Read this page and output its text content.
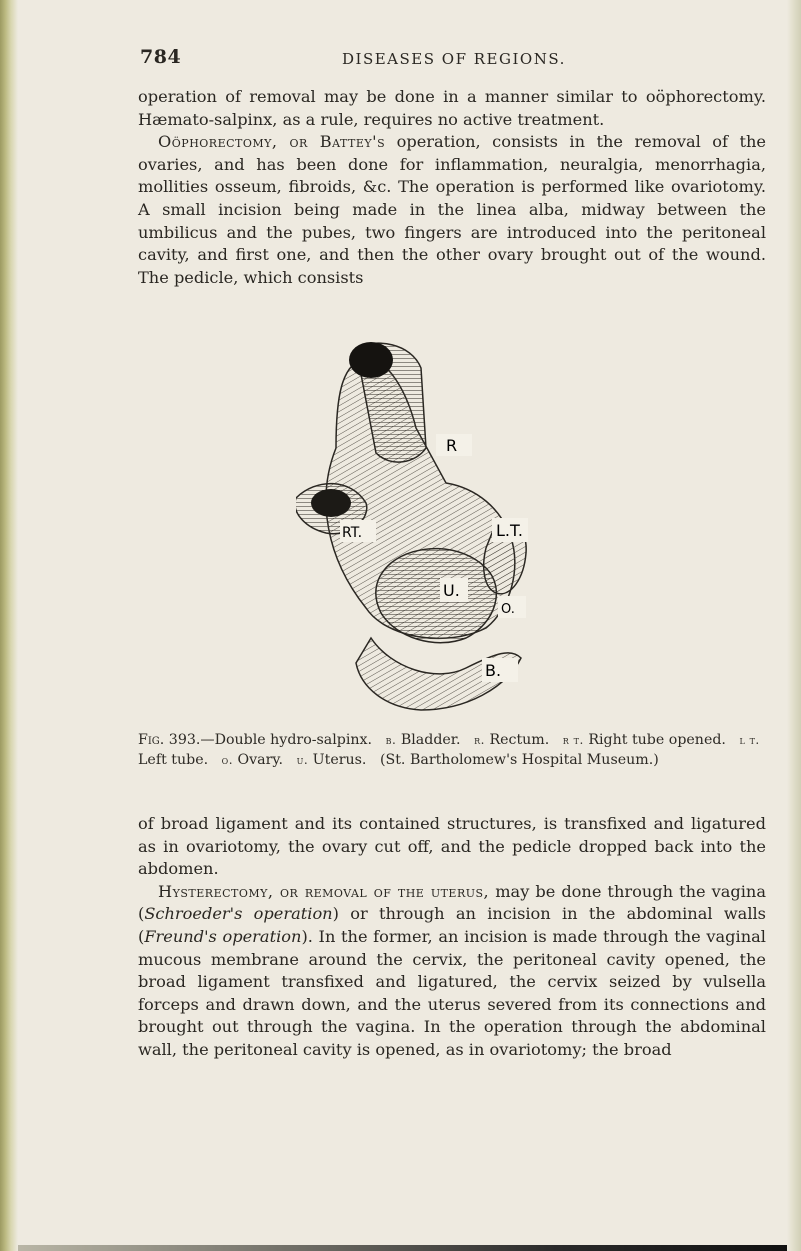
784	DISEASES OF REGIONS.

operation of removal may be done in a manner similar to oöphorectomy. Hæmato-salpinx, as a rule, requires no active treatment.

Oöphorectomy, or Battey's operation, consists in the removal of the ovaries, and has been done for inflammation, neuralgia, menorrhagia, mollities osseum, fibroids, &c. The operation is performed like ovariotomy. A small incision being made in the linea alba, midway between the umbilicus and the pubes, two fingers are introduced into the peritoneal cavity, and first one, and then the other ovary brought out of the wound. The pedicle, which consists

R
RT.	L.T.
U.
O.
B.
Fig. 393.—Double hydro-salpinx. b. Bladder. r. Rectum. r t. Right tube opened. l t. Left tube. o. Ovary. u. Uterus. (St. Bartholomew's Hospital Museum.)

of broad ligament and its contained structures, is transfixed and ligatured as in ovariotomy, the ovary cut off, and the pedicle dropped back into the abdomen.

Hysterectomy, or removal of the uterus, may be done through the vagina (Schroeder's operation) or through an incision in the abdominal walls (Freund's operation). In the former, an incision is made through the vaginal mucous membrane around the cervix, the peritoneal cavity opened, the broad ligament transfixed and ligatured, the cervix seized by vulsella forceps and drawn down, and the uterus severed from its connections and brought out through the vagina. In the operation through the abdominal wall, the peritoneal cavity is opened, as in ovariotomy; the broad
